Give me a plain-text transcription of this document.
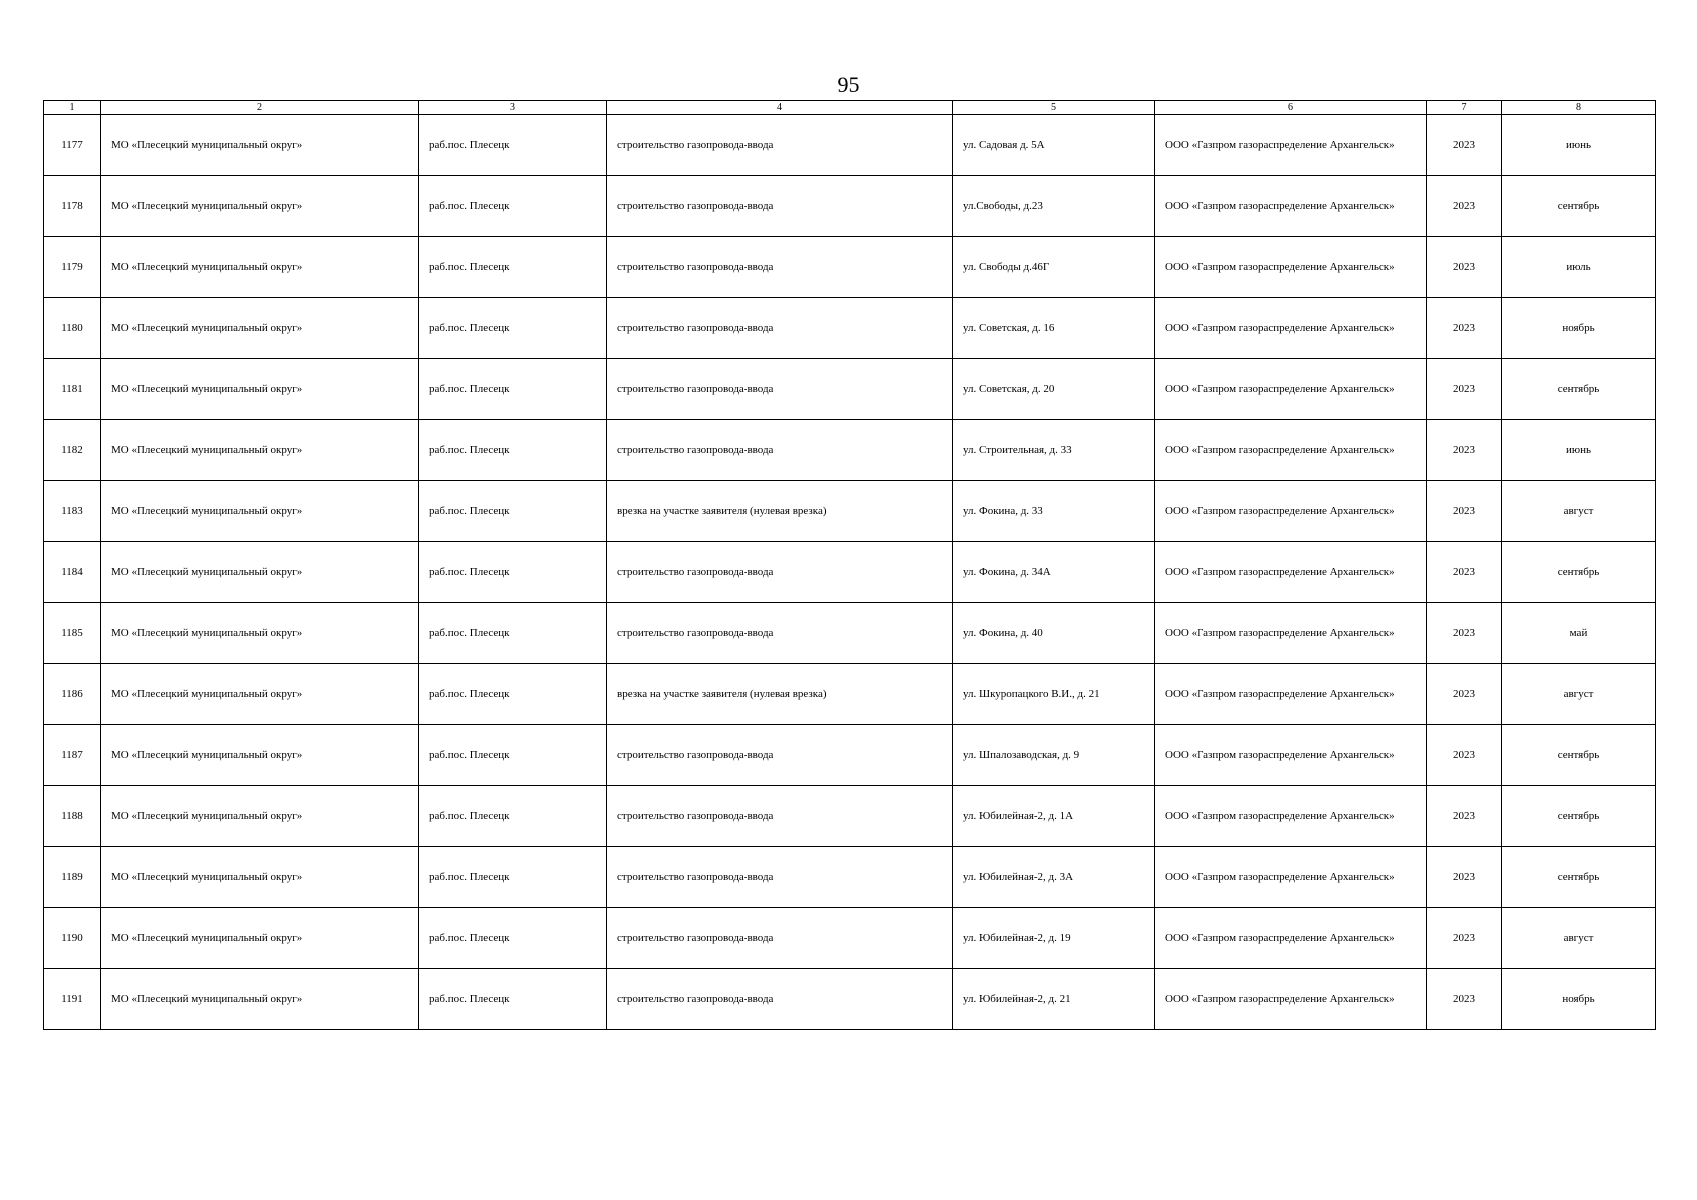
95
1	2	3	4	5	6	7	8
1177	МО «Плесецкий муниципальный округ»	раб.пос. Плесецк	строительство газопровода-ввода	ул. Садовая д. 5А	ООО «Газпром газораспределение Архангельск»	2023	июнь
1178	МО «Плесецкий муниципальный округ»	раб.пос. Плесецк	строительство газопровода-ввода	ул.Свободы, д.23	ООО «Газпром газораспределение Архангельск»	2023	сентябрь
1179	МО «Плесецкий муниципальный округ»	раб.пос. Плесецк	строительство газопровода-ввода	ул. Свободы д.46Г	ООО «Газпром газораспределение Архангельск»	2023	июль
1180	МО «Плесецкий муниципальный округ»	раб.пос. Плесецк	строительство газопровода-ввода	ул. Советская, д. 16	ООО «Газпром газораспределение Архангельск»	2023	ноябрь
1181	МО «Плесецкий муниципальный округ»	раб.пос. Плесецк	строительство газопровода-ввода	ул. Советская, д. 20	ООО «Газпром газораспределение Архангельск»	2023	сентябрь
1182	МО «Плесецкий муниципальный округ»	раб.пос. Плесецк	строительство газопровода-ввода	ул. Строительная, д. 33	ООО «Газпром газораспределение Архангельск»	2023	июнь
1183	МО «Плесецкий муниципальный округ»	раб.пос. Плесецк	врезка на участке заявителя (нулевая врезка)	ул. Фокина, д. 33	ООО «Газпром газораспределение Архангельск»	2023	август
1184	МО «Плесецкий муниципальный округ»	раб.пос. Плесецк	строительство газопровода-ввода	ул. Фокина, д. 34А	ООО «Газпром газораспределение Архангельск»	2023	сентябрь
1185	МО «Плесецкий муниципальный округ»	раб.пос. Плесецк	строительство газопровода-ввода	ул. Фокина, д. 40	ООО «Газпром газораспределение Архангельск»	2023	май
1186	МО «Плесецкий муниципальный округ»	раб.пос. Плесецк	врезка на участке заявителя (нулевая врезка)	ул. Шкуропацкого В.И., д. 21	ООО «Газпром газораспределение Архангельск»	2023	август
1187	МО «Плесецкий муниципальный округ»	раб.пос. Плесецк	строительство газопровода-ввода	ул. Шпалозаводская, д. 9	ООО «Газпром газораспределение Архангельск»	2023	сентябрь
1188	МО «Плесецкий муниципальный округ»	раб.пос. Плесецк	строительство газопровода-ввода	ул. Юбилейная-2, д. 1А	ООО «Газпром газораспределение Архангельск»	2023	сентябрь
1189	МО «Плесецкий муниципальный округ»	раб.пос. Плесецк	строительство газопровода-ввода	ул. Юбилейная-2, д. 3А	ООО «Газпром газораспределение Архангельск»	2023	сентябрь
1190	МО «Плесецкий муниципальный округ»	раб.пос. Плесецк	строительство газопровода-ввода	ул. Юбилейная-2, д. 19	ООО «Газпром газораспределение Архангельск»	2023	август
1191	МО «Плесецкий муниципальный округ»	раб.пос. Плесецк	строительство газопровода-ввода	ул. Юбилейная-2, д. 21	ООО «Газпром газораспределение Архангельск»	2023	ноябрь
